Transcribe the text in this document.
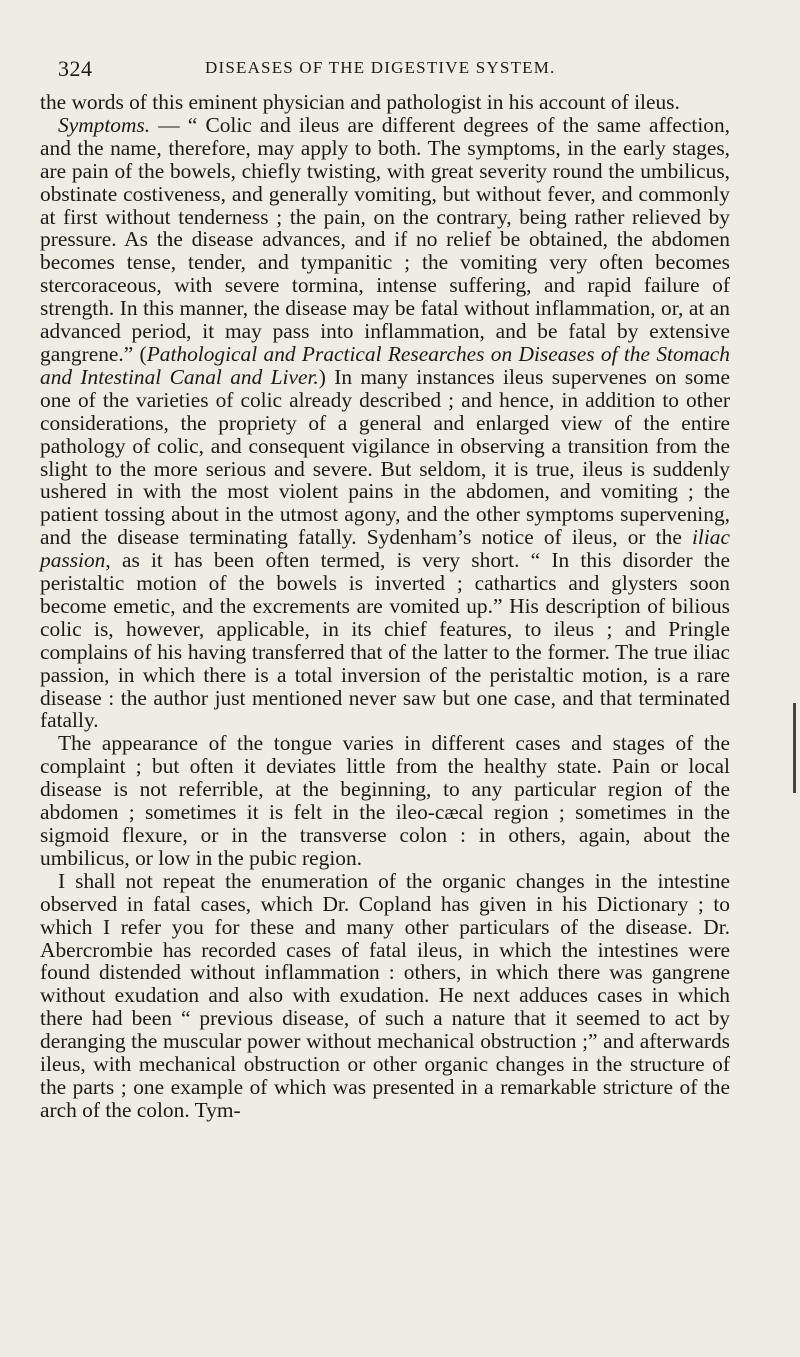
324	DISEASES OF THE DIGESTIVE SYSTEM.

the words of this eminent physician and pathologist in his account of ileus.

Symptoms. — “ Colic and ileus are different degrees of the same affection, and the name, therefore, may apply to both. The symptoms, in the early stages, are pain of the bowels, chiefly twisting, with great severity round the umbilicus, obstinate costiveness, and generally vomiting, but without fever, and commonly at first without tenderness ; the pain, on the contrary, being rather relieved by pressure. As the disease advances, and if no relief be obtained, the abdomen becomes tense, tender, and tympanitic ; the vomiting very often becomes stercoraceous, with severe tormina, intense suffering, and rapid failure of strength. In this manner, the disease may be fatal without inflammation, or, at an advanced period, it may pass into inflammation, and be fatal by extensive gangrene.” (Pathological and Practical Researches on Diseases of the Stomach and Intestinal Canal and Liver.) In many instances ileus supervenes on some one of the varieties of colic already described ; and hence, in addition to other considerations, the propriety of a general and enlarged view of the entire pathology of colic, and consequent vigilance in observing a transition from the slight to the more serious and severe. But seldom, it is true, ileus is suddenly ushered in with the most violent pains in the abdomen, and vomiting ; the patient tossing about in the utmost agony, and the other symptoms supervening, and the disease terminating fatally. Sydenham’s notice of ileus, or the iliac passion, as it has been often termed, is very short. “ In this disorder the peristaltic motion of the bowels is inverted ; cathartics and glysters soon become emetic, and the excrements are vomited up.” His description of bilious colic is, however, applicable, in its chief features, to ileus ; and Pringle complains of his having transferred that of the latter to the former. The true iliac passion, in which there is a total inversion of the peristaltic motion, is a rare disease : the author just mentioned never saw but one case, and that terminated fatally.

The appearance of the tongue varies in different cases and stages of the complaint ; but often it deviates little from the healthy state. Pain or local disease is not referrible, at the beginning, to any particular region of the abdomen ; sometimes it is felt in the ileo-cæcal region ; sometimes in the sigmoid flexure, or in the transverse colon : in others, again, about the umbilicus, or low in the pubic region.

I shall not repeat the enumeration of the organic changes in the intestine observed in fatal cases, which Dr. Copland has given in his Dictionary ; to which I refer you for these and many other particulars of the disease. Dr. Abercrombie has recorded cases of fatal ileus, in which the intestines were found distended without inflammation : others, in which there was gangrene without exudation and also with exudation. He next adduces cases in which there had been “ previous disease, of such a nature that it seemed to act by deranging the muscular power without mechanical obstruction ;” and afterwards ileus, with mechanical obstruction or other organic changes in the structure of the parts ; one example of which was presented in a remarkable stricture of the arch of the colon. Tym-
